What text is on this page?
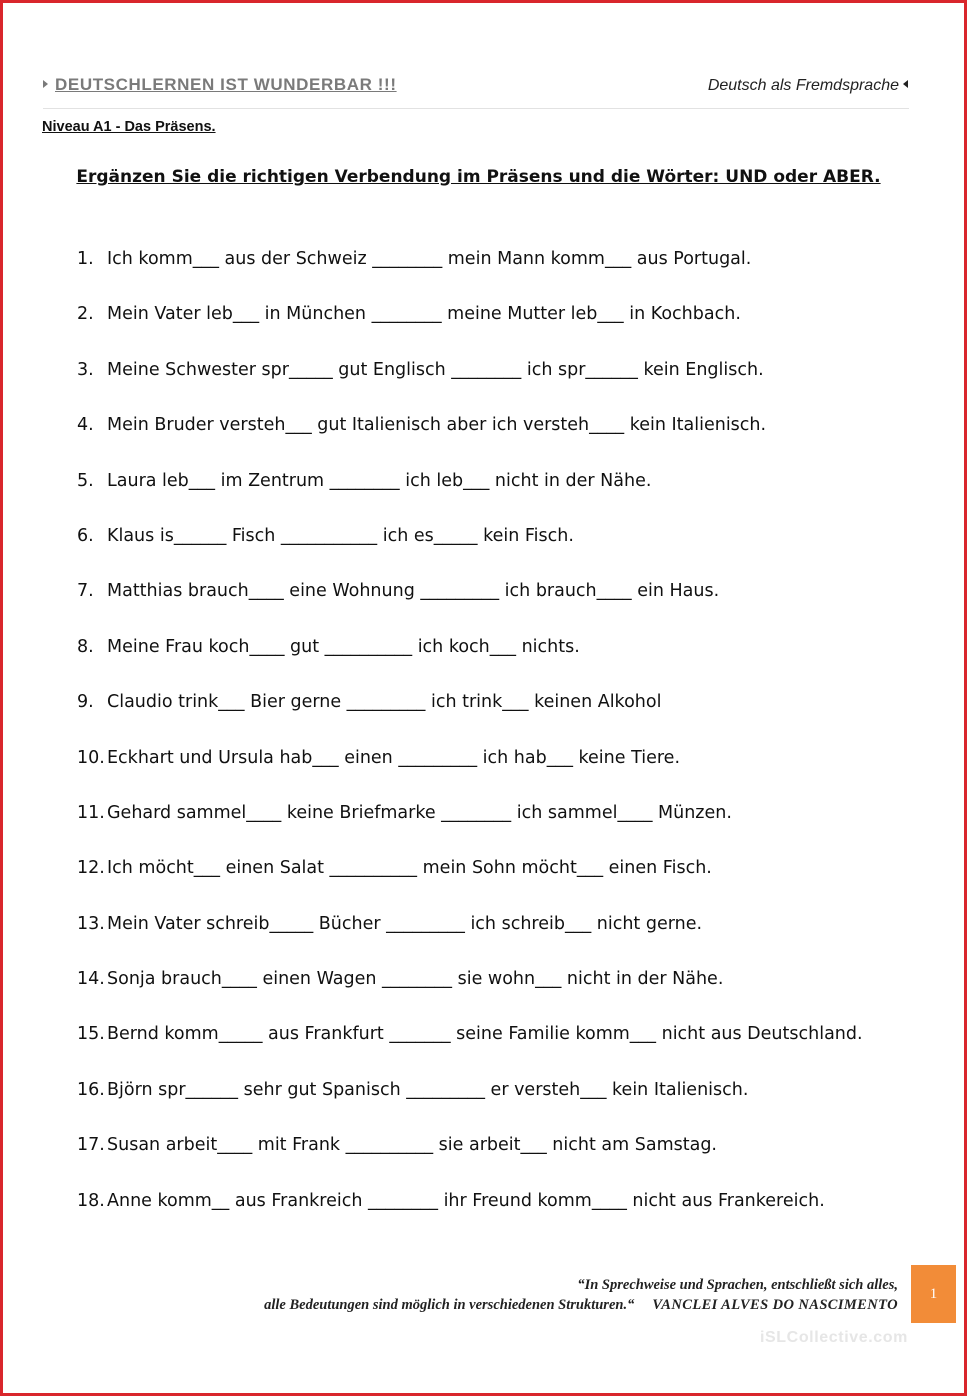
DEUTSCHLERNEN IST WUNDERBAR !!!	Deutsch als Fremdsprache
Niveau A1 - Das Präsens.
Ergänzen Sie die richtigen Verbendung im Präsens und die Wörter: UND oder ABER.
1. Ich komm___ aus der Schweiz ________ mein Mann komm___ aus Portugal.
2. Mein Vater leb___ in München ________ meine Mutter leb___ in Kochbach.
3. Meine Schwester spr_____ gut Englisch ________ ich spr______ kein Englisch.
4. Mein Bruder versteh___ gut Italienisch aber ich versteh____ kein Italienisch.
5. Laura leb___ im Zentrum ________ ich leb___ nicht in der Nähe.
6. Klaus is______ Fisch ___________ ich es_____ kein Fisch.
7. Matthias brauch____ eine Wohnung _________ ich brauch____ ein Haus.
8. Meine Frau koch____ gut __________ ich koch___ nichts.
9. Claudio trink___ Bier gerne _________ ich trink___ keinen Alkohol
10. Eckhart und Ursula hab___ einen _________ ich hab___ keine Tiere.
11. Gehard sammel____ keine Briefmarke ________ ich sammel____ Münzen.
12. Ich möcht___ einen Salat __________ mein Sohn möcht___ einen Fisch.
13. Mein Vater schreib_____ Bücher _________ ich schreib___ nicht gerne.
14. Sonja brauch____ einen Wagen ________ sie wohn___ nicht in der Nähe.
15. Bernd komm_____ aus Frankfurt _______ seine Familie komm___ nicht aus Deutschland.
16. Björn spr______ sehr gut Spanisch _________ er versteh___ kein Italienisch.
17. Susan arbeit____ mit Frank __________ sie arbeit___ nicht am Samstag.
18. Anne komm__ aus Frankreich ________ ihr Freund komm____ nicht aus Frankereich.
“In Sprechweise und Sprachen, entschließt sich alles,
alle Bedeutungen sind möglich in verschiedenen Strukturen.“ VANCLEI ALVES DO NASCIMENTO
1
iSLCollective.com
